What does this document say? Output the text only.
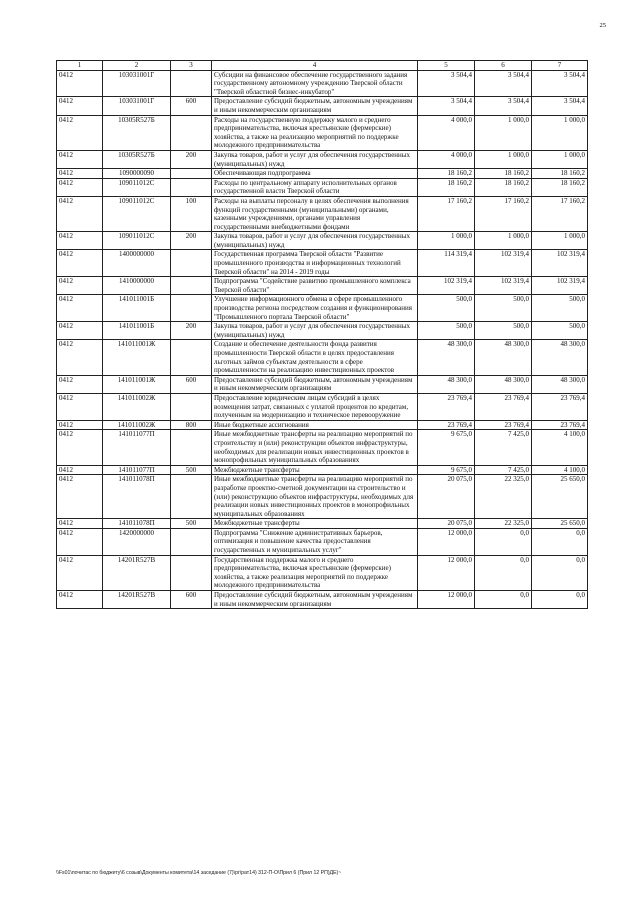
25
1	2	3	4	5	6	7
0412	103031001Г		Субсидии на финансовое обеспечение государственного задания государственному автономному учреждению Тверской области "Тверской областной бизнес-инкубатор"	3 504,4	3 504,4	3 504,4
0412	103031001Г	600	Предоставление субсидий бюджетным, автономным учреждениям и иным некоммерческим организациям	3 504,4	3 504,4	3 504,4
0412	10305R527Б		Расходы на государственную поддержку малого и среднего предпринимательства, включая крестьянские (фермерские) хозяйства, а также на реализацию мероприятий по поддержке молодежного предпринимательства	4 000,0	1 000,0	1 000,0
0412	10305R527Б	200	Закупка товаров, работ и услуг для обеспечения государственных (муниципальных) нужд	4 000,0	1 000,0	1 000,0
0412	1090000090		Обеспечивающая подпрограмма	18 160,2	18 160,2	18 160,2
0412	109011012С		Расходы по центральному аппарату исполнительных органов государственной власти Тверской области	18 160,2	18 160,2	18 160,2
0412	109011012С	100	Расходы на выплаты персоналу в целях обеспечения выполнения функций государственными (муниципальными) органами, казенными учреждениями, органами управления государственными внебюджетными фондами	17 160,2	17 160,2	17 160,2
0412	109011012С	200	Закупка товаров, работ и услуг для обеспечения государственных (муниципальных) нужд	1 000,0	1 000,0	1 000,0
0412	1400000000		Государственная программа Тверской области "Развитие промышленного производства и информационных технологий Тверской области" на 2014 - 2019 годы	114 319,4	102 319,4	102 319,4
0412	1410000000		Подпрограмма "Содействие развитию промышленного комплекса Тверской области"	102 319,4	102 319,4	102 319,4
0412	141011001Б		Улучшение информационного обмена в сфере промышленного производства региона посредством создания и функционирования "Промышленного портала Тверской области"	500,0	500,0	500,0
0412	141011001Б	200	Закупка товаров, работ и услуг для обеспечения государственных (муниципальных) нужд	500,0	500,0	500,0
0412	141011001Ж		Создание и обеспечение деятельности фонда развития промышленности Тверской области в целях предоставления льготных займов субъектам деятельности в сфере промышленности на реализацию инвестиционных проектов	48 300,0	48 300,0	48 300,0
0412	141011001Ж	600	Предоставление субсидий бюджетным, автономным учреждениям и иным некоммерческим организациям	48 300,0	48 300,0	48 300,0
0412	141011002Ж		Предоставление юридическим лицам субсидий в целях возмещения затрат, связанных с уплатой процентов по кредитам, полученным на модернизацию и техническое перевооружение	23 769,4	23 769,4	23 769,4
0412	141011002Ж	800	Иные бюджетные ассигнования	23 769,4	23 769,4	23 769,4
0412	141011077П		Иные межбюджетные трансферты на реализацию мероприятий по строительству и (или) реконструкции объектов инфраструктуры, необходимых для реализации новых инвестиционных проектов в монопрофильных муниципальных образованиях	9 675,0	7 425,0	4 100,0
0412	141011077П	500	Межбюджетные трансферты	9 675,0	7 425,0	4 100,0
0412	141011078П		Иные межбюджетные трансферты на реализацию мероприятий по разработке проектно-сметной документации на строительство и (или) реконструкцию объектов инфраструктуры, необходимых для реализации новых инвестиционных проектов в монопрофильных муниципальных образованиях	20 075,0	22 325,0	25 650,0
0412	141011078П	500	Межбюджетные трансферты	20 075,0	22 325,0	25 650,0
0412	1420000000		Подпрограмма "Снижение административных барьеров, оптимизация и повышение качества предоставления государственных и муниципальных услуг"	12 000,0	0,0	0,0
0412	14201R527В		Государственная поддержка малого и среднего предпринимательства, включая крестьянские (фермерские) хозяйства, а также реализация мероприятий по поддержке молодежного предпринимательства	12 000,0	0,0	0,0
0412	14201R527В	600	Предоставление субсидий бюджетным, автономным учреждениям и иным некоммерческим организациям	12 000,0	0,0	0,0
\\Fs01\почитас по бюджету\6 созыв\Документы комитета\14 заседание (7)\pr\рат14) 312-П-О\Прил 6 (Прил 12 РП)ДЕ)~
